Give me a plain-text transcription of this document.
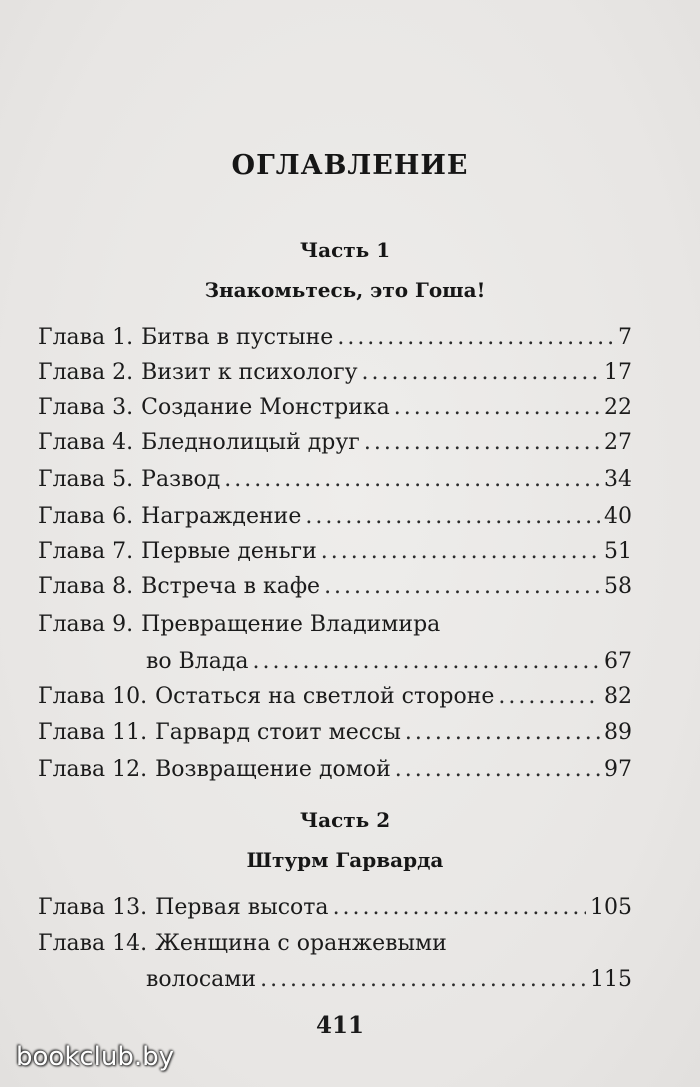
ОГЛАВЛЕНИЕ
Часть 1
Знакомьтесь, это Гоша!
Глава 1. Битва в пустыне .....	7
Глава 2. Визит к психологу .....	17
Глава 3. Создание Монстрика .....	22
Глава 4. Бледнолицый друг .....	27
Глава 5. Развод .....	34
Глава 6. Награждение .....	40
Глава 7. Первые деньги .....	51
Глава 8. Встреча в кафе .....	58
Глава 9. Превращение Владимира
во Влада .....	67
Глава 10. Остаться на светлой стороне .....	82
Глава 11. Гарвард стоит мессы .....	89
Глава 12. Возвращение домой .....	97
Часть 2
Штурм Гарварда
Глава 13. Первая высота .....	105
Глава 14. Женщина с оранжевыми
волосами .....	115
411
bookclub.by
